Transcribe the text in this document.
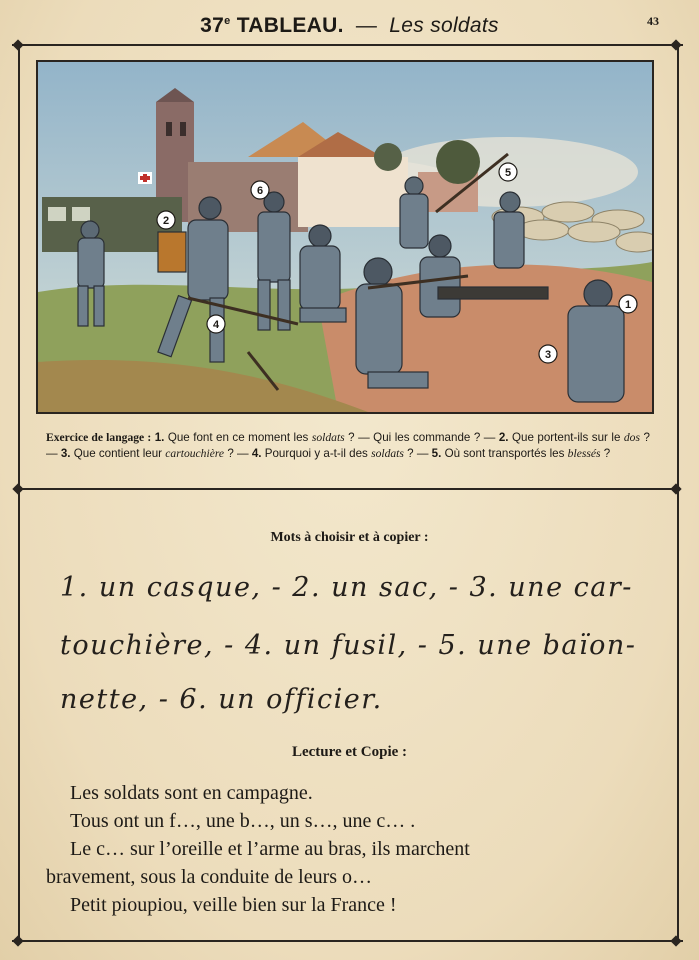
37e TABLEAU. — Les soldats	43
1
2
3
4
5
6
Exercice de langage : 1. Que font en ce moment les soldats ? — Qui les commande ? — 2. Que portent-ils sur le dos ? — 3. Que contient leur cartouchière ? — 4. Pourquoi y a-t-il des soldats ? — 5. Où sont transportés les blessés ?
Mots à choisir et à copier :
1. un casque, - 2. un sac, - 3. une car-
touchière, - 4. un fusil, - 5. une baïon-
nette, - 6. un officier.
Lecture et Copie :
Les soldats sont en campagne.
Tous ont un f…, une b…, un s…, une c… .
Le c… sur l’oreille et l’arme au bras, ils marchent
bravement, sous la conduite de leurs o…
Petit pioupiou, veille bien sur la France !
